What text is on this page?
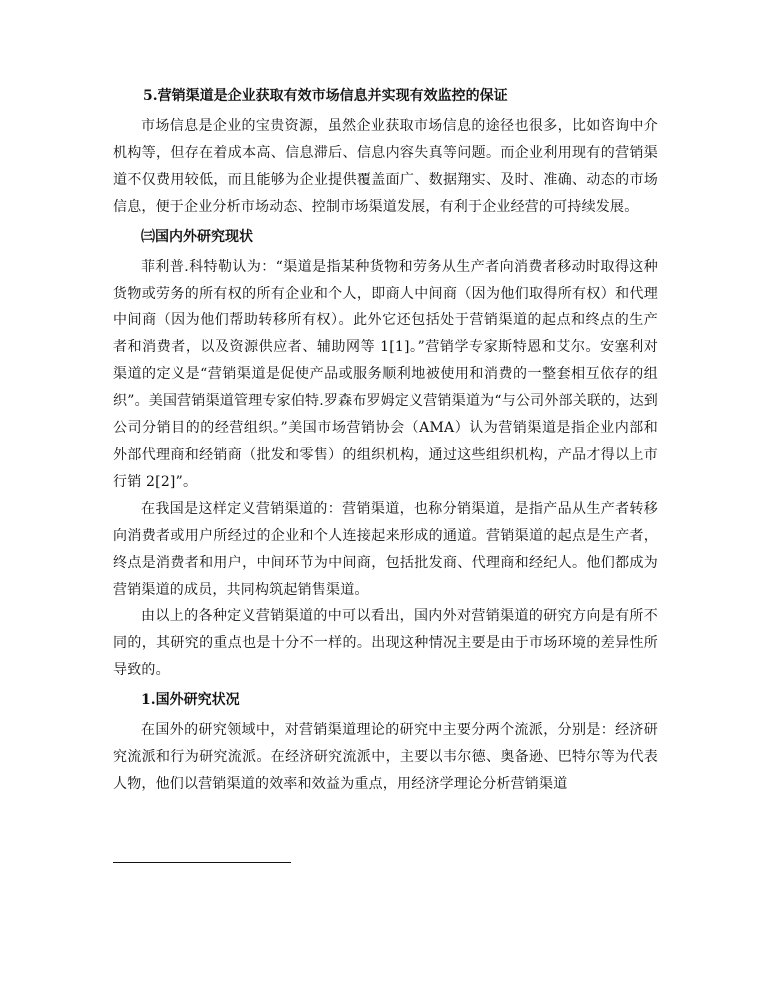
5.营销渠道是企业获取有效市场信息并实现有效监控的保证

市场信息是企业的宝贵资源，虽然企业获取市场信息的途径也很多，比如咨询中介机构等，但存在着成本高、信息滞后、信息内容失真等问题。而企业利用现有的营销渠道不仅费用较低，而且能够为企业提供覆盖面广、数据翔实、及时、准确、动态的市场信息，便于企业分析市场动态、控制市场渠道发展，有利于企业经营的可持续发展。

㈢国内外研究现状

菲利普.科特勒认为：“渠道是指某种货物和劳务从生产者向消费者移动时取得这种货物或劳务的所有权的所有企业和个人，即商人中间商（因为他们取得所有权）和代理中间商（因为他们帮助转移所有权）。此外它还包括处于营销渠道的起点和终点的生产者和消费者，以及资源供应者、辅助网等 1[1]。”营销学专家斯特恩和艾尔。安塞利对渠道的定义是“营销渠道是促使产品或服务顺利地被使用和消费的一整套相互依存的组织”。美国营销渠道管理专家伯特.罗森布罗姆定义营销渠道为“与公司外部关联的，达到公司分销目的的经营组织。”美国市场营销协会（AMA）认为营销渠道是指企业内部和外部代理商和经销商（批发和零售）的组织机构，通过这些组织机构，产品才得以上市行销 2[2]”。

在我国是这样定义营销渠道的：营销渠道，也称分销渠道，是指产品从生产者转移向消费者或用户所经过的企业和个人连接起来形成的通道。营销渠道的起点是生产者，终点是消费者和用户，中间环节为中间商，包括批发商、代理商和经纪人。他们都成为营销渠道的成员，共同构筑起销售渠道。

由以上的各种定义营销渠道的中可以看出，国内外对营销渠道的研究方向是有所不同的，其研究的重点也是十分不一样的。出现这种情况主要是由于市场环境的差异性所导致的。

1.国外研究状况

在国外的研究领域中，对营销渠道理论的研究中主要分两个流派，分别是：经济研究流派和行为研究流派。在经济研究流派中，主要以韦尔德、奥备逊、巴特尔等为代表人物，他们以营销渠道的效率和效益为重点，用经济学理论分析营销渠道
